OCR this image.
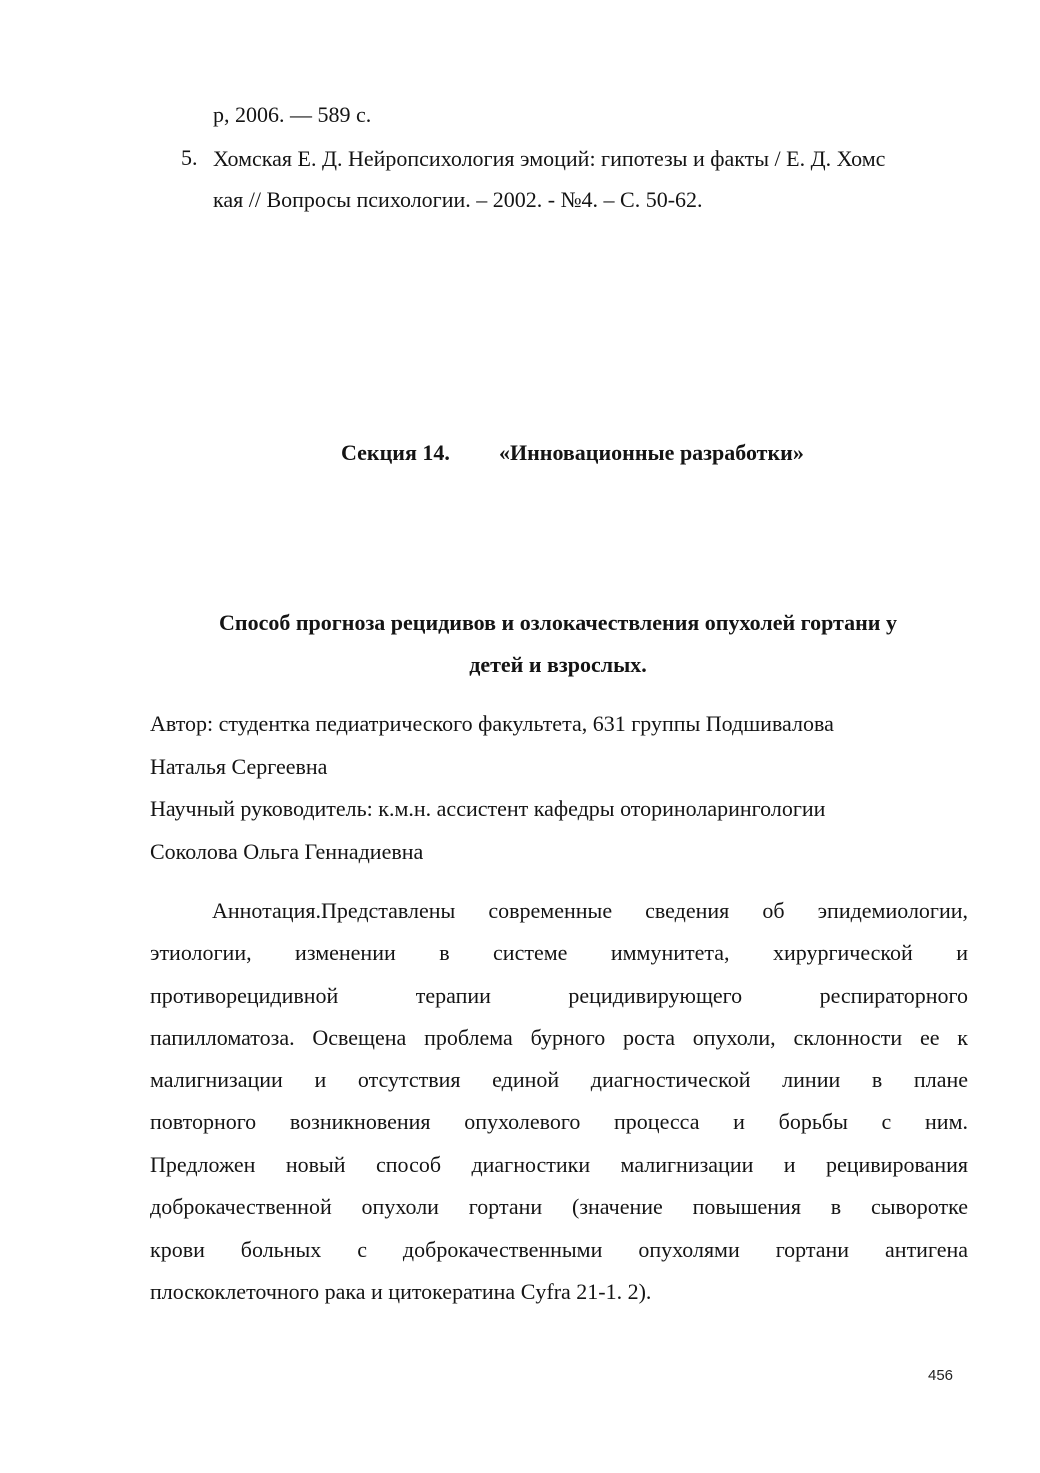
р, 2006. — 589 с.
5. Хомская Е. Д. Нейропсихология эмоций: гипотезы и факты / Е. Д. Хомс
кая // Вопросы психологии. – 2002. - №4. – С. 50-62.
Секция 14. «Инновационные разработки»
Способ прогноза рецидивов и озлокачествления опухолей гортани у
детей и взрослых.
Автор: студентка педиатрического факультета, 631 группы Подшивалова
Наталья Сергеевна
Научный руководитель: к.м.н. ассистент кафедры оториноларингологии
Соколова Ольга Геннадиевна
Аннотация.Представлены современные сведения об эпидемиологии,
этиологии, изменении в системе иммунитета, хирургической и
противорецидивной терапии рецидивирующего респираторного
папилломатоза. Освещена проблема бурного роста опухоли, склонности ее к
малигнизации и отсутствия единой диагностической линии в плане
повторного возникновения опухолевого процесса и борьбы с ним.
Предложен новый способ диагностики малигнизации и рецивирования
доброкачественной опухоли гортани (значение повышения в сыворотке
крови больных с доброкачественными опухолями гортани антигена
плоскоклеточного рака и цитокератина Cyfra 21-1. 2).
456
